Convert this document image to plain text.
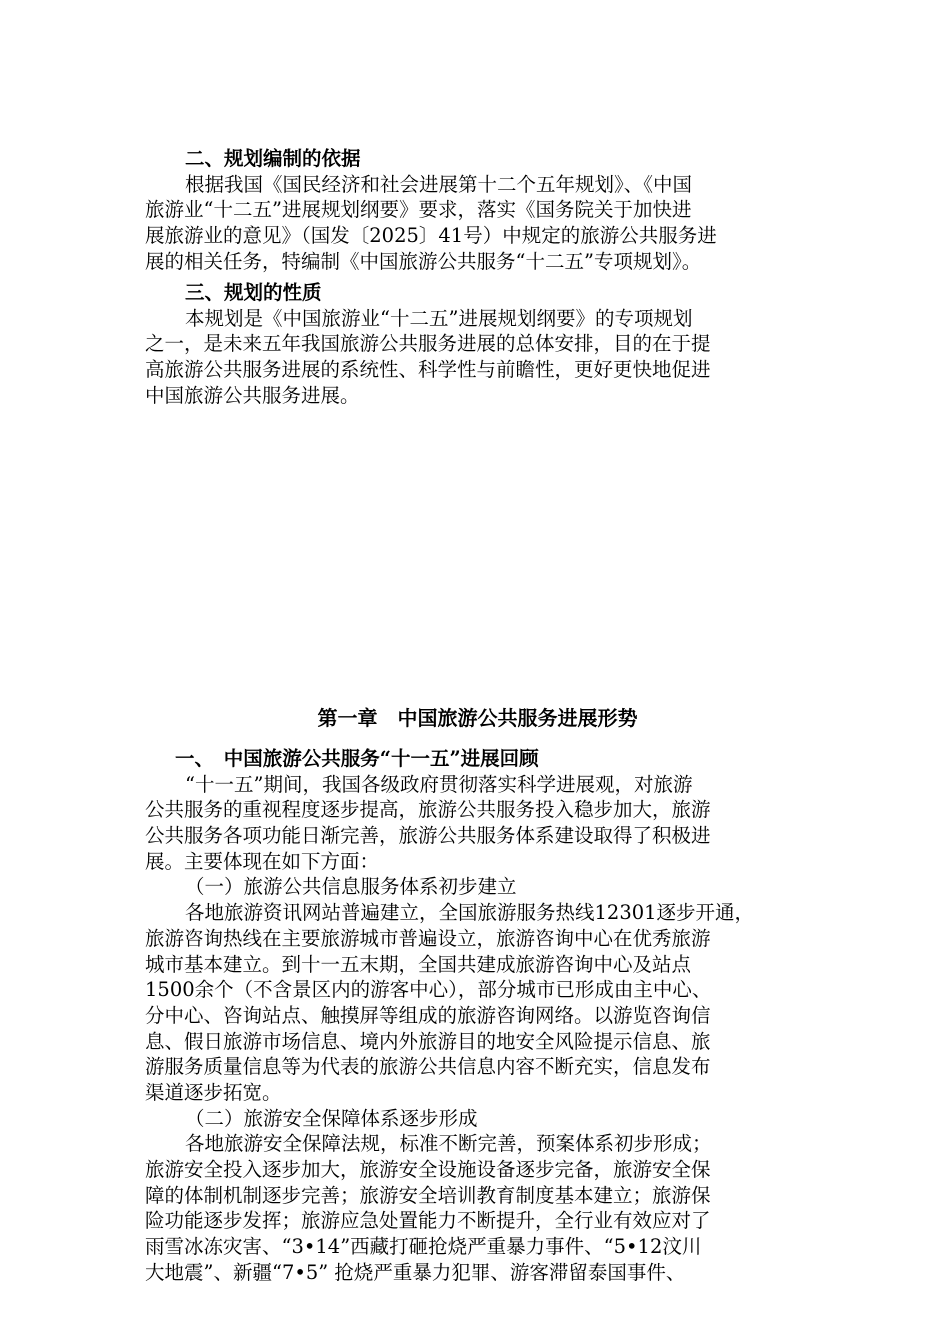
二、规划编制的依据
根据我国《国民经济和社会进展第十二个五年规划》、《中国
旅游业“十二五”进展规划纲要》要求，落实《国务院关于加快进
展旅游业的意见》（国发〔2025〕41号）中规定的旅游公共服务进
展的相关任务，特编制《中国旅游公共服务“十二五”专项规划》。
三、规划的性质
本规划是《中国旅游业“十二五”进展规划纲要》的专项规划
之一，是未来五年我国旅游公共服务进展的总体安排，目的在于提
高旅游公共服务进展的系统性、科学性与前瞻性，更好更快地促进
中国旅游公共服务进展。
第一章　中国旅游公共服务进展形势
一、　中国旅游公共服务“十一五”进展回顾
“十一五”期间，我国各级政府贯彻落实科学进展观，对旅游
公共服务的重视程度逐步提高，旅游公共服务投入稳步加大，旅游
公共服务各项功能日渐完善，旅游公共服务体系建设取得了积极进
展。主要体现在如下方面：
（一）旅游公共信息服务体系初步建立
各地旅游资讯网站普遍建立，全国旅游服务热线12301逐步开通，
旅游咨询热线在主要旅游城市普遍设立，旅游咨询中心在优秀旅游
城市基本建立。到十一五末期，全国共建成旅游咨询中心及站点
1500余个（不含景区内的游客中心），部分城市已形成由主中心、
分中心、咨询站点、触摸屏等组成的旅游咨询网络。以游览咨询信
息、假日旅游市场信息、境内外旅游目的地安全风险提示信息、旅
游服务质量信息等为代表的旅游公共信息内容不断充实，信息发布
渠道逐步拓宽。
（二）旅游安全保障体系逐步形成
各地旅游安全保障法规，标准不断完善，预案体系初步形成；
旅游安全投入逐步加大，旅游安全设施设备逐步完备，旅游安全保
障的体制机制逐步完善；旅游安全培训教育制度基本建立；旅游保
险功能逐步发挥；旅游应急处置能力不断提升，全行业有效应对了
雨雪冰冻灾害、“3•14”西藏打砸抢烧严重暴力事件、“5•12汶川
大地震”、新疆“7•5” 抢烧严重暴力犯罪、游客滞留泰国事件、
